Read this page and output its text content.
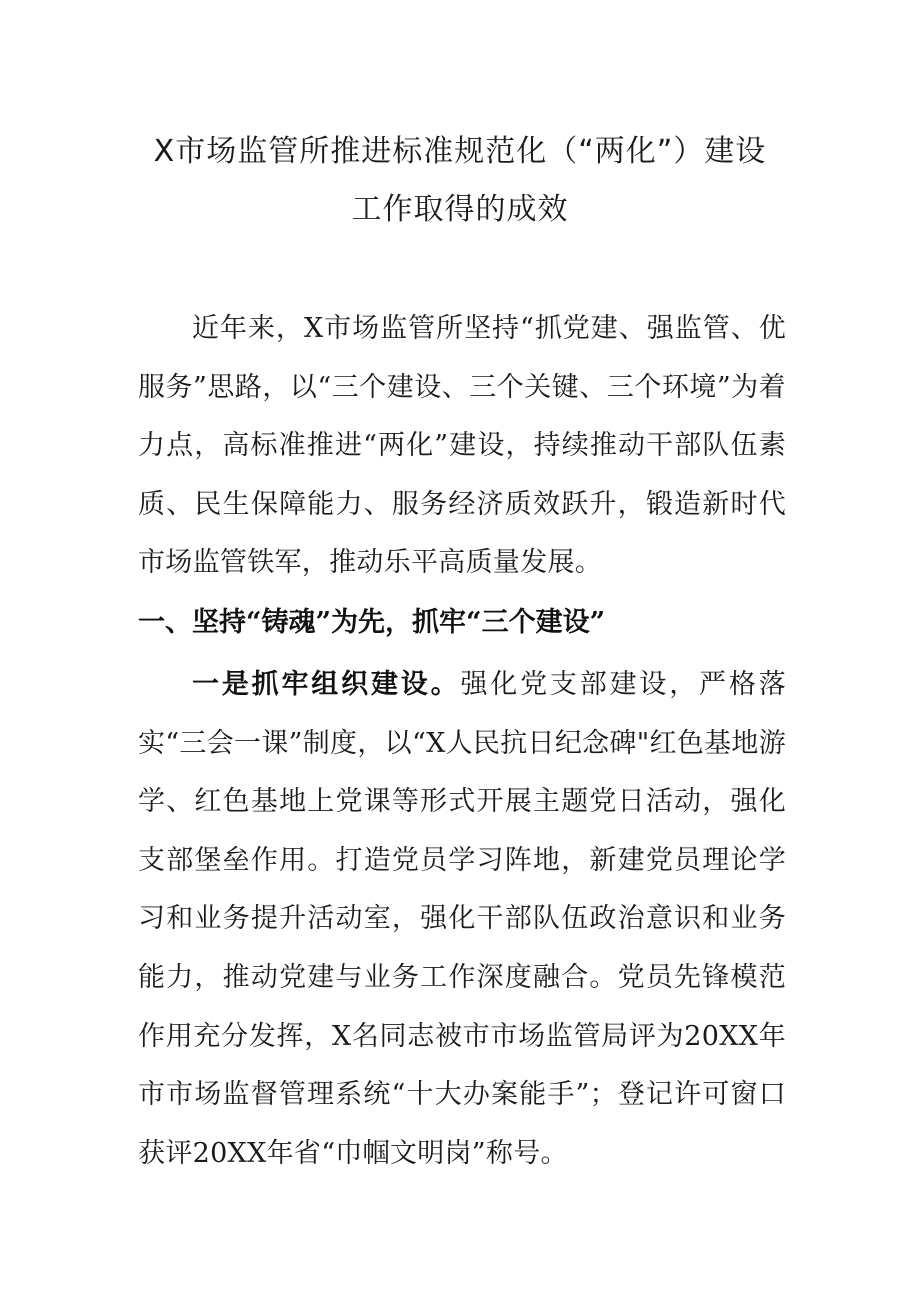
X市场监管所推进标准规范化（“两化”）建设
工作取得的成效

近年来，X市场监管所坚持“抓党建、强监管、优服务”思路，以“三个建设、三个关键、三个环境”为着力点，高标准推进“两化”建设，持续推动干部队伍素质、民生保障能力、服务经济质效跃升，锻造新时代市场监管铁军，推动乐平高质量发展。

一、坚持“铸魂”为先，抓牢“三个建设”

一是抓牢组织建设。强化党支部建设，严格落实“三会一课”制度，以“X人民抗日纪念碑"红色基地游学、红色基地上党课等形式开展主题党日活动，强化支部堡垒作用。打造党员学习阵地，新建党员理论学习和业务提升活动室，强化干部队伍政治意识和业务能力，推动党建与业务工作深度融合。党员先锋模范作用充分发挥，X名同志被市市场监管局评为20XX年市市场监督管理系统“十大办案能手”；登记许可窗口获评20XX年省“巾帼文明岗”称号。
